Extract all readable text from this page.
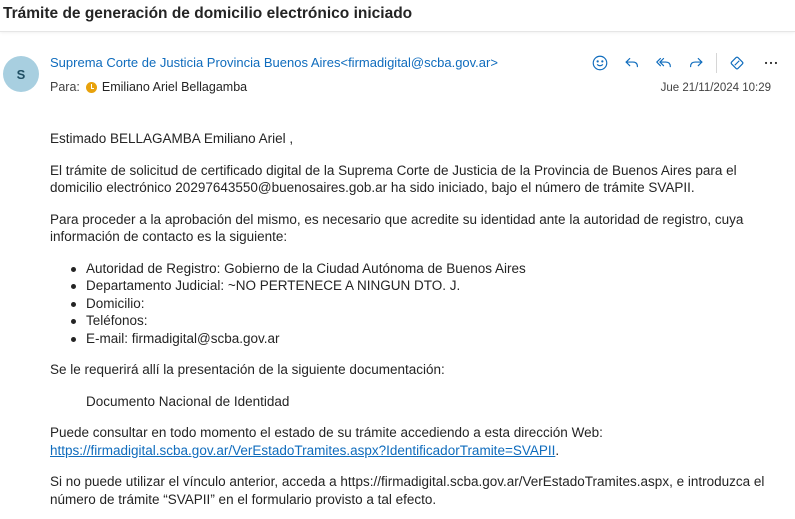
Trámite de generación de domicilio electrónico iniciado
S
Suprema Corte de Justicia Provincia Buenos Aires<firmadigital@scba.gov.ar>
Para: Emiliano Ariel Bellagamba	Jue 21/11/2024 10:29

Estimado BELLAGAMBA Emiliano Ariel ,

El trámite de solicitud de certificado digital de la Suprema Corte de Justicia de la Provincia de Buenos Aires para el domicilio electrónico 20297643550@buenosaires.gob.ar ha sido iniciado, bajo el número de trámite SVAPII.

Para proceder a la aprobación del mismo, es necesario que acredite su identidad ante la autoridad de registro, cuya información de contacto es la siguiente:

Autoridad de Registro: Gobierno de la Ciudad Autónoma de Buenos Aires
Departamento Judicial: ~NO PERTENECE A NINGUN DTO. J.
Domicilio:
Teléfonos:
E-mail: firmadigital@scba.gov.ar

Se le requerirá allí la presentación de la siguiente documentación:

Documento Nacional de Identidad

Puede consultar en todo momento el estado de su trámite accediendo a esta dirección Web:
https://firmadigital.scba.gov.ar/VerEstadoTramites.aspx?IdentificadorTramite=SVAPII.

Si no puede utilizar el vínculo anterior, acceda a https://firmadigital.scba.gov.ar/VerEstadoTramites.aspx, e introduzca el número de trámite “SVAPII” en el formulario provisto a tal efecto.
